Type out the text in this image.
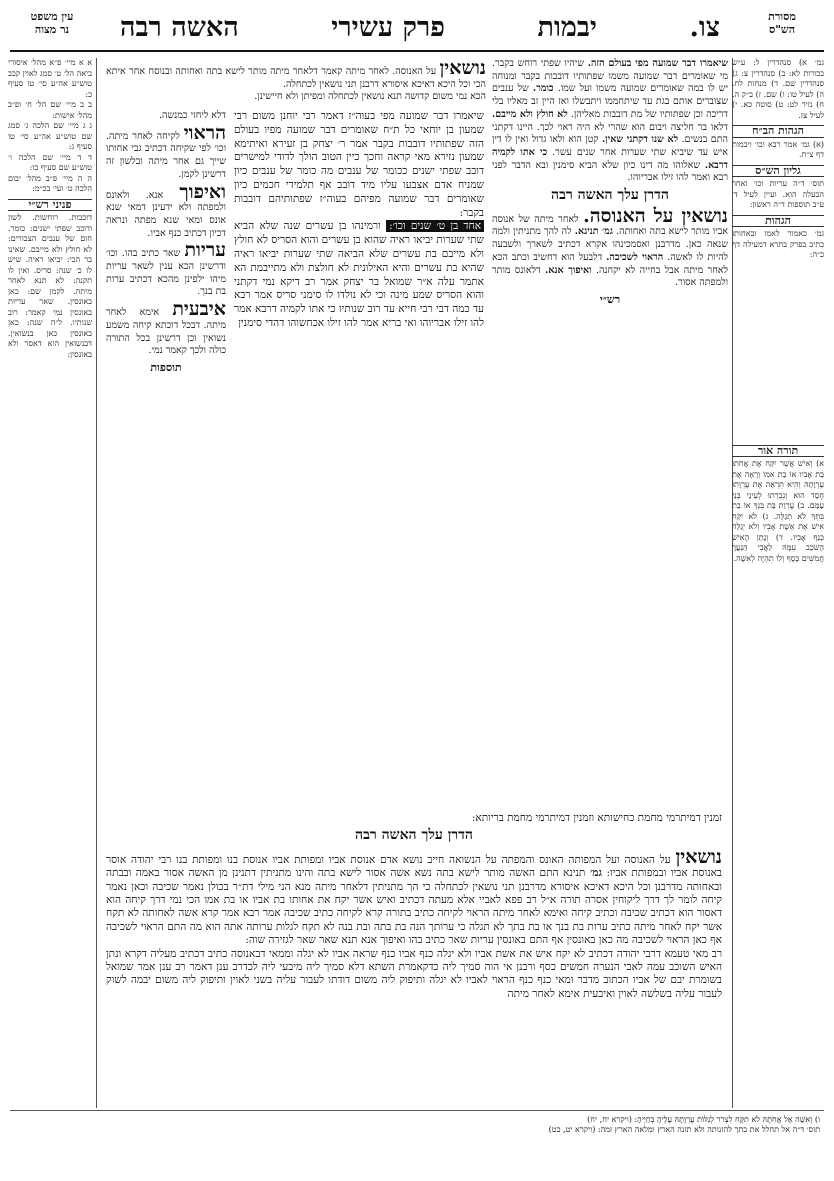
מסורת
הש"ס
צו.
יבמות
פרק עשירי
האשה רבה
עין משפט
נר מצוה

גמ׳ א) סנהדרין ל: ע״ש בכורות לא: ב) סנהדרין צ: ג) סנהדרין שם. ד) מנחות לח. ה) לעיל טו: ו) שם. ז) ב״ק ה. ח) נזיר לט: ט) סוטה כא. י) לעיל צז.

הגהות הב״ח

(א) גמ׳ אמר רבא וכו׳ ויבמות דף צ״ח.

גליון הש״ס

תוס׳ ד״ה עריות וכו׳ ואחר הבעלה הוא. ועיין לעיל ד׳ ע״ב תוספות ד״ה ראשון:

הגהות

גמ׳ כאמור לאמו ובאחותו כתיב בפרק בתרא דמעילה דף כ״ה:

תורה אור

א) וְאִישׁ אֲשֶׁר יִקַּח אֶת אֲחֹתוֹ בַּת אָבִיו אוֹ בַת אִמּוֹ וְרָאָה אֶת עֶרְוָתָהּ וְהִיא תִרְאֶה אֶת עֶרְוָתוֹ חֶסֶד הוּא וְנִכְרְתוּ לְעֵינֵי בְּנֵי עַמָּם. ב) עֶרְוַת בַּת בִּנְךָ אוֹ בַת בִּתְּךָ לֹא תְגַלֶּה. ג) לֹא יִקַּח אִישׁ אֶת אֵשֶׁת אָבִיו וְלֹא יְגַלֶּה כְּנַף אָבִיו. ד) וְנָתַן הָאִישׁ הַשֹּׁכֵב עִמָּהּ לַאֲבִי הַנַּעֲרָ חֲמִשִּׁים כָּסֶף וְלוֹ תִהְיֶה לְאִשָּׁה.

שיאמרו דבר שמועה מפי בעולם הזה. שיהיו שפתי רוחש בקבר. מי שאומרים דבר שמועה משמו שפתותיו דובבות בקבר ומנוחה יש לו במה שאומרים שמועה משמו ועל שמו. כומר. של ענבים שצוברים אותם בגת עד שיתחממו ויתבשלו ואז היין זב מאליו בלי דריכה וכן שפתותיו של מת דובבות מאליהן. לא חולץ ולא מייבם. דלאו בר חליצה ויבום הוא שהרי לא היה ראוי לכך. היינו דקתני התם בנשים. לא שנו דקתני שאין. קטן הוא ולאו גדול ואין לו דין איש עד שיביא שתי שערות אחר שנים עשר. כי אתו לקמיה דרבא. שאלוהו מה דינו כיון שלא הביא סימנין ובא הדבר לפני רבא ואמר להו זילו אבריוהו.

הדרן עלך האשה רבה

נושאין על האנוסה. לאחר מיתה של אנוסה אביו מותר לישא בתה ואחותה. גמ׳ תנינא. לה להך מתניתין ולמה שנאה כאן. מדרבנן ואסמכינהו אקרא דכתיב לשארך ולשבעה להיות לו לאשה. הראוי לשכיבה. דלבעל הוא דחשיב וכתב הכא לאחר מיתה אבל בחייה לא יקחנה. ואיפוך אנא. דלאונס מותר ולמפתה אסור.

רש״י

נושאין על האנוסה. לאחר מיתה קאמר דלאחר מיתה מותר לישא בתה ואחותה ובנוסח אחר איתא הכי וכל היכא דאיכא איסורא דרבנן תני נושאין לכתחלה.

הכא נמי משום קדושה תנא נושאין לכתחלה ומפיתן ולא חיישינן.

דלא ליחזי כמנשה.

הראוי לקיחה לאחר מיתה. וכו׳ לפי שקיחה דכתיב גבי אחותו שייך גם אחר מיתה ובלשון זה דרשינן לקמן.

ואיפוך אנא. ולאונס ולמפתה ולא ידעינן דמאי שנא אונס ומאי שנא מפתה ונראה דכיון דכתיב כנף אביו.

עריות שאר כתיב בהו. וכו׳ ודרשינן הכא ענין לשאר עריות מיהו ילפינן מהכא דכתיב ערות בת בנך.

איבעית אימא לאחר מיתה. דבכל דוכתא קיחה משמע נשואין וכן דרשינן בכל התורה כולה ולכך קאמר נמי.

תוספות

שיאמרו דבר שמועה מפי בעוה״ז דאמר רבי יוחנן משום רבי שמעון בן יוחאי כל ת״ח שאומרים דבר שמועה מפיו בעולם הזה שפתותיו דובבות בקבר אמר ר׳ יצחק בן זעירא ואיתימא שמעון נזירא מאי קראה וחכך כיין הטוב הולך לדודי למישרים דובב שפתי ישנים ככומר של ענבים מה כומר של ענבים כיון שמניח אדם אצבעו עליו מיד דובב אף תלמידי חכמים כיון שאומרים דבר שמועה מפיהם בעוה״ז שפתותיהם דובבות בקבר:

אחד בן ט׳ שנים וכו׳: ורמינהו בן עשרים שנה שלא הביא שתי שערות יביאו ראיה שהוא בן עשרים והוא הסריס לא חולץ ולא מייבם בת עשרים שלא הביאה שתי שערות יביאו ראיה שהיא בת עשרים והיא האילונית לא חולצת ולא מתייבמת הא אתמר עלה א״ר שמואל בר יצחק אמר רב דיקא נמי דקתני והוא הסריס שמע מינה וכי לא נולדו לו סימני סריס אמר רבא עד כמה דבי רבי חייא עד רוב שנותיו כי אתו לקמיה דרבא אמר להו זילו אבריוהו ואי בריא אמר להו זילו אכחשוהו דהדי סימנין

זמנין דמיתרמי מחמת כחישותא וזמנין דמיתרמי מחמת בריותא:

הדרן עלך האשה רבה

נושאין על האנוסה ועל המפותה האונס והמפתה על הנשואה חייב נושא אדם אנוסת אביו ומפותת אביו אנוסת בנו ומפותת בנו רבי יהודה אוסר באנוסת אביו ובמפותת אביו: גמ׳ תנינא התם האשה מותר לישא בתה נשא אשה אסור לישא בתה והינו מתניתין דתנינן מן האשה אסור באמה ובבתה ובאחותה מדרבנן וכל היכא דאיכא איסורא מדרבנן תני נושאין לכתחלה כי הך מתניתין דלאחר מיתה מנא הני מילי דת״ר בכולן נאמר שכיבה וכאן נאמר קיחה לומר לך דרך ליקוחין אסרה תורה א״ל רב פפא לאביי אלא מעתה דכתיב ואיש אשר יקח את אחותו בת אביו או בת אמו הכי נמי דרך קיחה הוא דאסור הוא דכתיב שכיבה וכתיב קיחה ואימא לאחר מיתה הראוי לקיחה כתיב בתורה קרא לקיחה כתיב שכיבה אמר רבא אמר קרא אשה לאחותה לא תקח אשר יקח לאחר מיתה כתיב ערות בת בנך או בת בתך לא תגלה כי ערותך הנה בת בתה ובת בנה לא תקח לגלות ערותה אתה הוא מה התם הראוי לשכיבה אף כאן הראוי לשכיבה מה כאן באונסין אף התם באונסין עריות שאר כתיב בהו ואיפוך אנא תנא שאר שאר לגזירה שוה:

רב מאי טעמא דרבי יהודה דכתיב לא יקח איש את אשת אביו ולא יגלה כנף אביו כנף שראה אביו לא יגלה וממאי דבאנוסה כתיב דכתיב מעליה דקרא ונתן האיש השוכב עמה לאבי הנערה חמשים כסף ורבנן אי הוה סמיך ליה כדקאמרת השתא דלא סמיך ליה מיבעי ליה לכדרב ענן דאמר רב ענן אמר שמואל בשומרת יבם של אביו הכתוב מדבר ומאי כנף כנף הראוי לאביו לא יגלה ותיפוק ליה משום דודתו לעבור עליה בשני לאוין ותיפוק ליה משום יבמה לשוק לעבור עליה בשלשה לאוין ואיבעית אימא לאחר מיתה

א א מיי׳ פ״א מהל׳ איסורי ביאה הל׳ ט׳ סמג לאוין קכב טוש״ע אה״ע סי׳ טו סעיף כ:

ב ב מיי׳ שם הל׳ ח׳ ופ״ב מהל׳ אישות:

ג ג מיי׳ שם הלכה ג׳ סמג שם טוש״ע אה״ע סי׳ טו סעיף ג:

ד ד מיי׳ שם הלכה ו׳ טוש״ע שם סעיף כו:

ה ה מיי׳ פ״ב מהל׳ יבום הלכה ט׳ ועי׳ בכ״מ:

פניני רש״י

דובבות. רוחשות. לשון ודובב שפתי ישנים: כומר. חום של ענבים הצבורים: לא חולץ ולא מייבם. שאינו בר הכי: יביאו ראיה. שיש לו כ׳ שנה: סריס. ואין לו תקנה: לא תנא לאחר מיתה. לקמן שם: כאן באונסין. שאר עריות באונסין נמי קאמר: רוב שנותיו. ל״ה שנה: כאן באונסין כאן בנשואין. דבנשואין הוא דאסר ולא באונסין:

ו) וְאִשָּׁה אֶל אֲחֹתָהּ לֹא תִקָּח לִצְרֹר לְגַלּוֹת עֶרְוָתָהּ עָלֶיהָ בְּחַיֶּיהָ: (ויקרא יח, יח)

תוס׳ ד״ה אל תחלל את בתך להזנותה ולא תזנה הארץ ומלאה הארץ זמה: (ויקרא יט, כט)
